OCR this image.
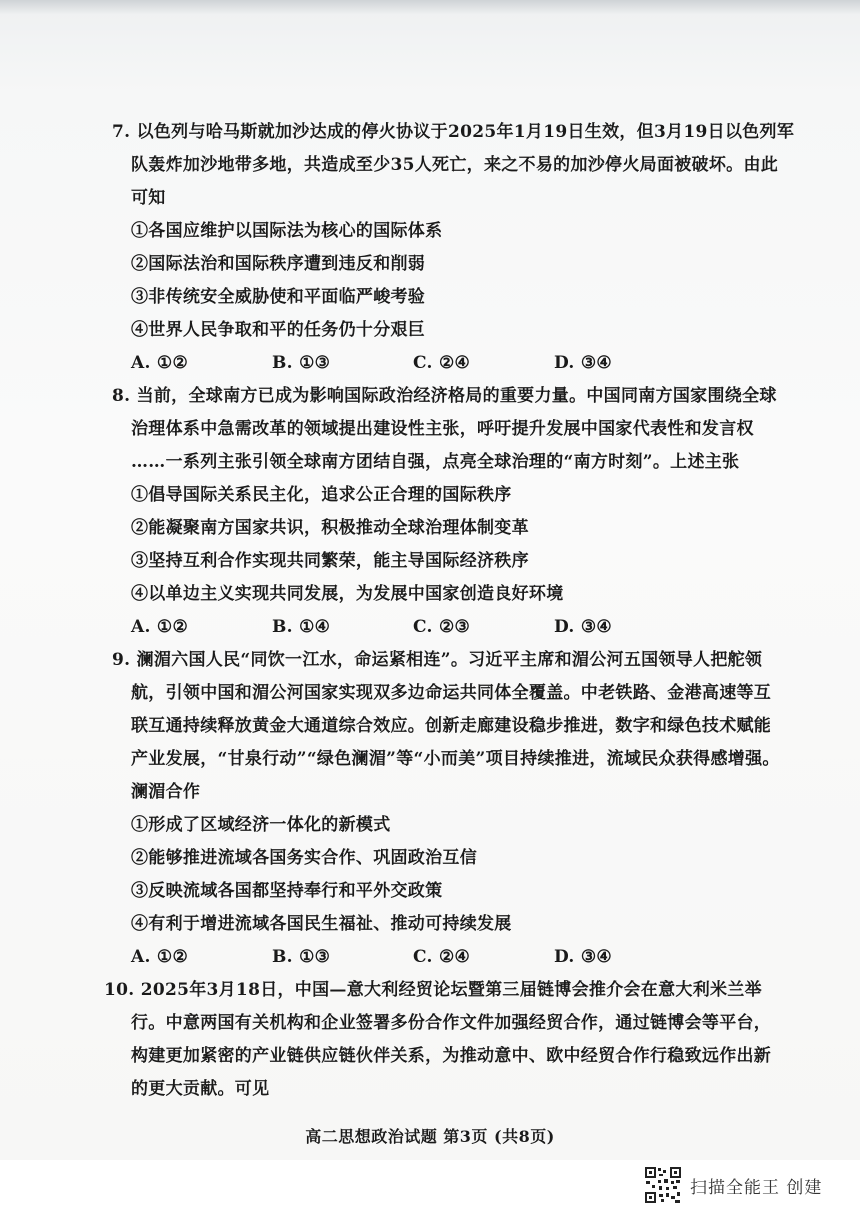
7. 以色列与哈马斯就加沙达成的停火协议于2025年1月19日生效，但3月19日以色列军
队轰炸加沙地带多地，共造成至少35人死亡，来之不易的加沙停火局面被破坏。由此
可知
①各国应维护以国际法为核心的国际体系
②国际法治和国际秩序遭到违反和削弱
③非传统安全威胁使和平面临严峻考验
④世界人民争取和平的任务仍十分艰巨
A. ①②	B. ①③	C. ②④	D. ③④
8. 当前，全球南方已成为影响国际政治经济格局的重要力量。中国同南方国家围绕全球
治理体系中急需改革的领域提出建设性主张，呼吁提升发展中国家代表性和发言权
……一系列主张引领全球南方团结自强，点亮全球治理的“南方时刻”。上述主张
①倡导国际关系民主化，追求公正合理的国际秩序
②能凝聚南方国家共识，积极推动全球治理体制变革
③坚持互利合作实现共同繁荣，能主导国际经济秩序
④以单边主义实现共同发展，为发展中国家创造良好环境
A. ①②	B. ①④	C. ②③	D. ③④
9. 澜湄六国人民“同饮一江水，命运紧相连”。习近平主席和湄公河五国领导人把舵领
航，引领中国和湄公河国家实现双多边命运共同体全覆盖。中老铁路、金港高速等互
联互通持续释放黄金大通道综合效应。创新走廊建设稳步推进，数字和绿色技术赋能
产业发展，“甘泉行动”“绿色澜湄”等“小而美”项目持续推进，流域民众获得感增强。
澜湄合作
①形成了区域经济一体化的新模式
②能够推进流域各国务实合作、巩固政治互信
③反映流域各国都坚持奉行和平外交政策
④有利于增进流域各国民生福祉、推动可持续发展
A. ①②	B. ①③	C. ②④	D. ③④
10. 2025年3月18日，中国—意大利经贸论坛暨第三届链博会推介会在意大利米兰举
行。中意两国有关机构和企业签署多份合作文件加强经贸合作，通过链博会等平台，
构建更加紧密的产业链供应链伙伴关系，为推动意中、欧中经贸合作行稳致远作出新
的更大贡献。可见
高二思想政治试题 第3页 (共8页)
扫描全能王 创建
